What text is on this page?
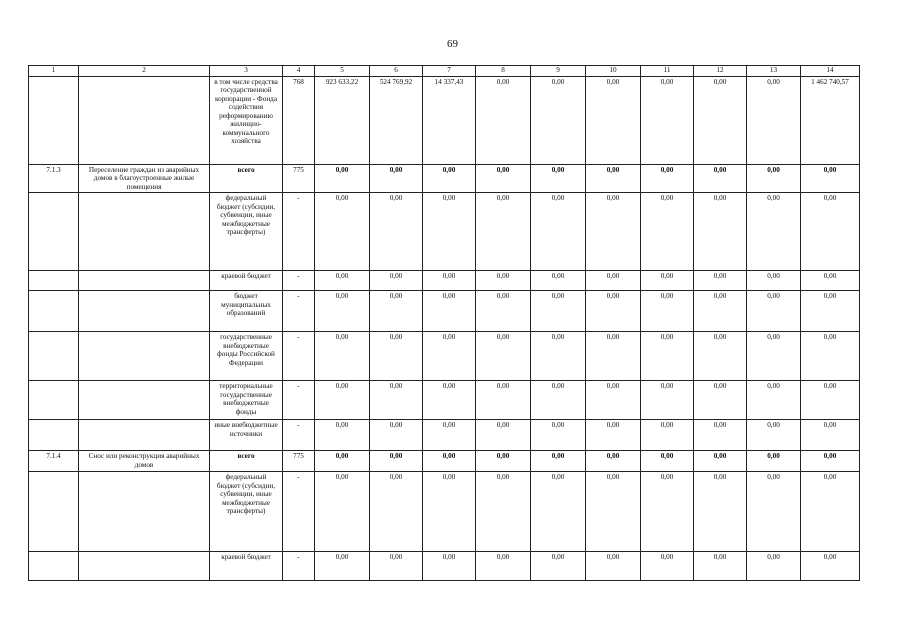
69
1	2	3	4	5	6	7	8	9	10	11	12	13	14
		в том числе средства государственной корпорации - Фонда содействия реформированию жилищно-коммунального хозяйства	768	923 633,22	524 769,92	14 337,43	0,00	0,00	0,00	0,00	0,00	0,00	1 462 740,57
7.1.3	Переселение граждан из аварийных домов в благоустроенные жилые помещения	всего	775	0,00	0,00	0,00	0,00	0,00	0,00	0,00	0,00	0,00	0,00
		федеральный бюджет (субсидии, субвенции, иные межбюджетные трансферты)	-	0,00	0,00	0,00	0,00	0,00	0,00	0,00	0,00	0,00	0,00
		краевой бюджет	-	0,00	0,00	0,00	0,00	0,00	0,00	0,00	0,00	0,00	0,00
		бюджет муниципальных образований	-	0,00	0,00	0,00	0,00	0,00	0,00	0,00	0,00	0,00	0,00
		государственные внебюджетные фонды Российской Федерации	-	0,00	0,00	0,00	0,00	0,00	0,00	0,00	0,00	0,00	0,00
		территориальные государственные внебюджетные фонды	-	0,00	0,00	0,00	0,00	0,00	0,00	0,00	0,00	0,00	0,00
		иные внебюджетные источники	-	0,00	0,00	0,00	0,00	0,00	0,00	0,00	0,00	0,00	0,00
7.1.4	Снос или реконструкция аварийных домов	всего	775	0,00	0,00	0,00	0,00	0,00	0,00	0,00	0,00	0,00	0,00
		федеральный бюджет (субсидии, субвенции, иные межбюджетные трансферты)	-	0,00	0,00	0,00	0,00	0,00	0,00	0,00	0,00	0,00	0,00
		краевой бюджет	-	0,00	0,00	0,00	0,00	0,00	0,00	0,00	0,00	0,00	0,00
